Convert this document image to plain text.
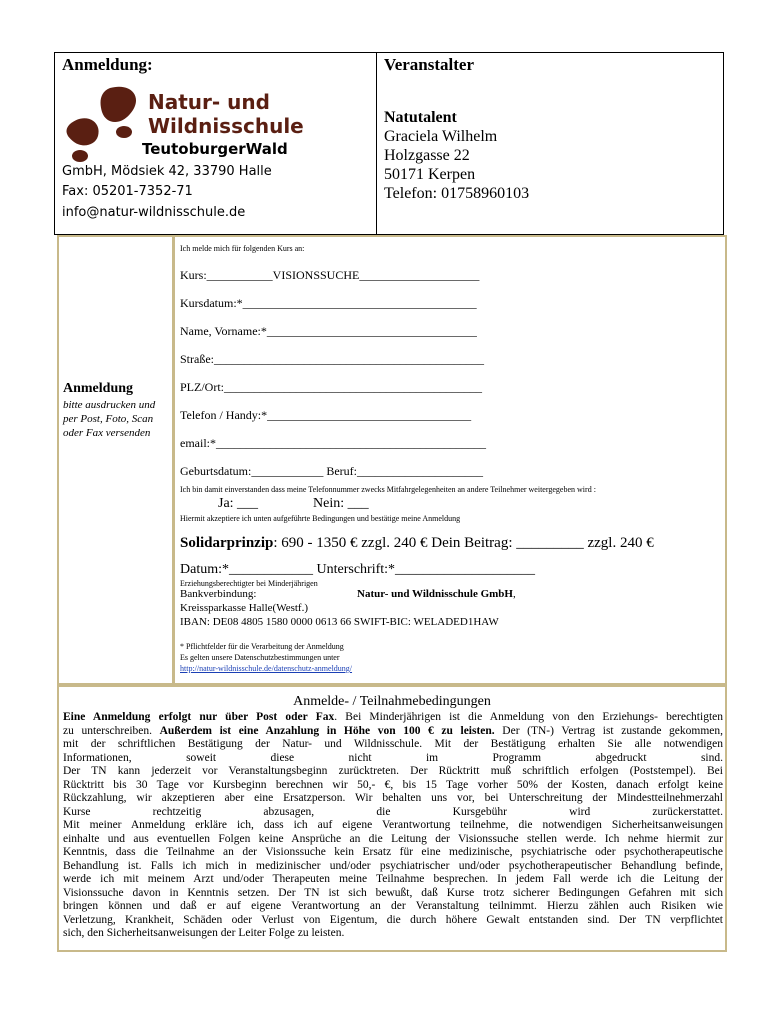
Anmeldung:	Veranstalter
Natur- und
Wildnisschule
TeutoburgerWald
GmbH, Mödsiek 42, 33790 Halle
Fax: 05201-7352-71
info@natur-wildnisschule.de
Natutalent
Graciela Wilhelm
Holzgasse 22
50171 Kerpen
Telefon: 01758960103
Anmeldung
bitte ausdrucken und per Post, Foto, Scan oder Fax versenden
Ich melde mich für folgenden Kurs an:
Kurs:___________VISIONSSUCHE____________________
Kursdatum:*_______________________________________
Name, Vorname:*___________________________________
Straße:_____________________________________________
PLZ/Ort:___________________________________________
Telefon / Handy:*__________________________________
email:*_____________________________________________
Geburtsdatum:____________ Beruf:_____________________
Ich bin damit einverstanden dass meine Telefonnummer zwecks Mitfahrgelegenheiten an andere Teilnehmer weitergegeben wird :
Ja: ___	Nein: ___
Hiermit akzeptiere ich unten aufgeführte Bedingungen und bestätige meine Anmeldung
Solidarprinzip: 690 - 1350 € zzgl. 240 € Dein Beitrag: _________ zzgl. 240 €
Datum:*____________ Unterschrift:*____________________
Erziehungsberechtigter bei Minderjährigen
Bankverbindung:	Natur- und Wildnisschule GmbH,
Kreissparkasse Halle(Westf.)
IBAN: DE08 4805 1580 0000 0613 66 SWIFT-BIC: WELADED1HAW
* Pflichtfelder für die Verarbeitung der Anmeldung
Es gelten unsere Datenschutzbestimmungen unter
http://natur-wildnisschule.de/datenschutz-anmeldung/
Anmelde- / Teilnahmebedingungen
Eine Anmeldung erfolgt nur über Post oder Fax. Bei Minderjährigen ist die Anmeldung von den Erziehungs- berechtigten
zu unterschreiben. Außerdem ist eine Anzahlung in Höhe von 100 € zu leisten. Der (TN-) Vertrag ist zustande gekommen,
mit der schriftlichen Bestätigung der Natur- und Wildnisschule. Mit der Bestätigung erhalten Sie alle notwendigen
Informationen, soweit diese nicht im Programm abgedruckt sind.
Der TN kann jederzeit vor Veranstaltungsbeginn zurücktreten. Der Rücktritt muß schriftlich erfolgen (Poststempel). Bei
Rücktritt bis 30 Tage vor Kursbeginn berechnen wir 50,- €, bis 15 Tage vorher 50% der Kosten, danach erfolgt keine
Rückzahlung, wir akzeptieren aber eine Ersatzperson. Wir behalten uns vor, bei Unterschreitung der Mindestteilnehmerzahl
Kurse rechtzeitig abzusagen, die Kursgebühr wird zurückerstattet.
Mit meiner Anmeldung erkläre ich, dass ich auf eigene Verantwortung teilnehme, die notwendigen Sicherheitsanweisungen
einhalte und aus eventuellen Folgen keine Ansprüche an die Leitung der Visionssuche stellen werde. Ich nehme hiermit zur
Kenntnis, dass die Teilnahme an der Visionssuche kein Ersatz für eine medizinische, psychiatrische oder psychotherapeutische
Behandlung ist. Falls ich mich in medizinischer und/oder psychiatrischer und/oder psychotherapeutischer Behandlung befinde,
werde ich mit meinem Arzt und/oder Therapeuten meine Teilnahme besprechen. In jedem Fall werde ich die Leitung der
Visionssuche davon in Kenntnis setzen. Der TN ist sich bewußt, daß Kurse trotz sicherer Bedingungen Gefahren mit sich
bringen können und daß er auf eigene Verantwortung an der Veranstaltung teilnimmt. Hierzu zählen auch Risiken wie
Verletzung, Krankheit, Schäden oder Verlust von Eigentum, die durch höhere Gewalt entstanden sind. Der TN verpflichtet
sich, den Sicherheitsanweisungen der Leiter Folge zu leisten.
